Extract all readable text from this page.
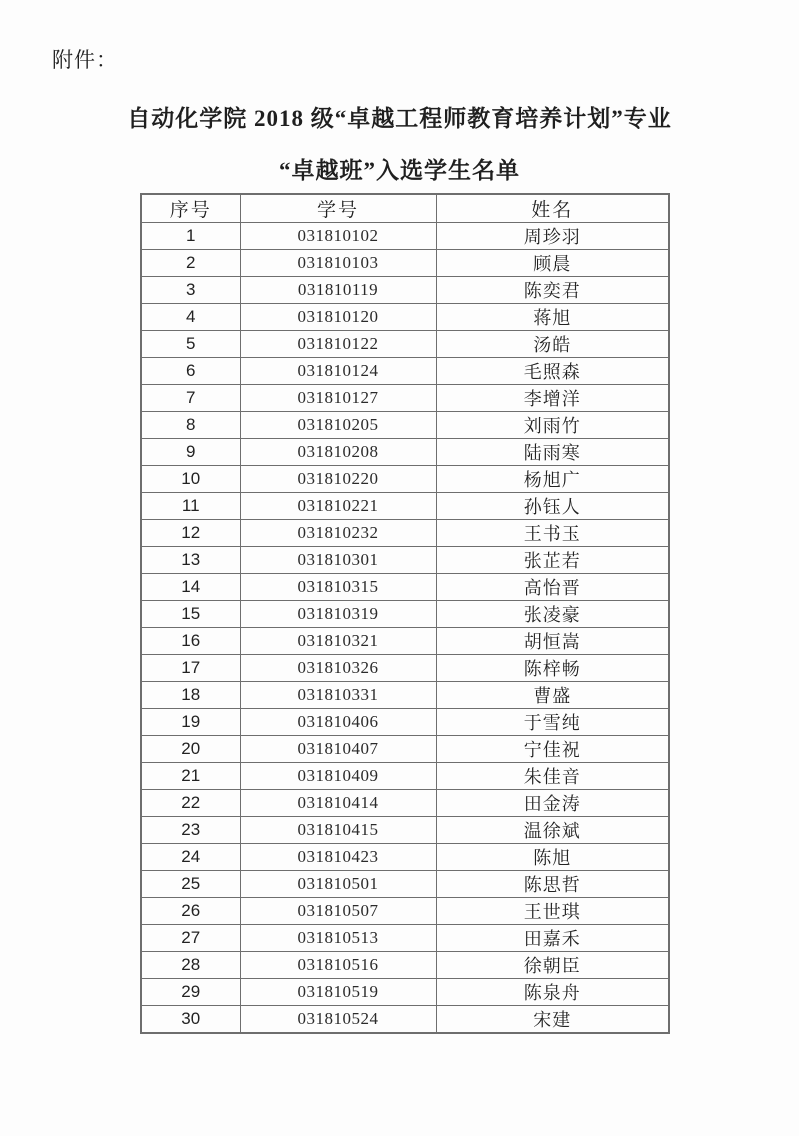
附件：
自动化学院 2018 级“卓越工程师教育培养计划”专业
“卓越班”入选学生名单
序号	学号	姓名
1	031810102	周珍羽
2	031810103	顾晨
3	031810119	陈奕君
4	031810120	蒋旭
5	031810122	汤皓
6	031810124	毛照森
7	031810127	李增洋
8	031810205	刘雨竹
9	031810208	陆雨寒
10	031810220	杨旭广
11	031810221	孙钰人
12	031810232	王书玉
13	031810301	张芷若
14	031810315	高怡晋
15	031810319	张凌豪
16	031810321	胡恒嵩
17	031810326	陈梓畅
18	031810331	曹盛
19	031810406	于雪纯
20	031810407	宁佳祝
21	031810409	朱佳音
22	031810414	田金涛
23	031810415	温徐斌
24	031810423	陈旭
25	031810501	陈思哲
26	031810507	王世琪
27	031810513	田嘉禾
28	031810516	徐朝臣
29	031810519	陈泉舟
30	031810524	宋建
